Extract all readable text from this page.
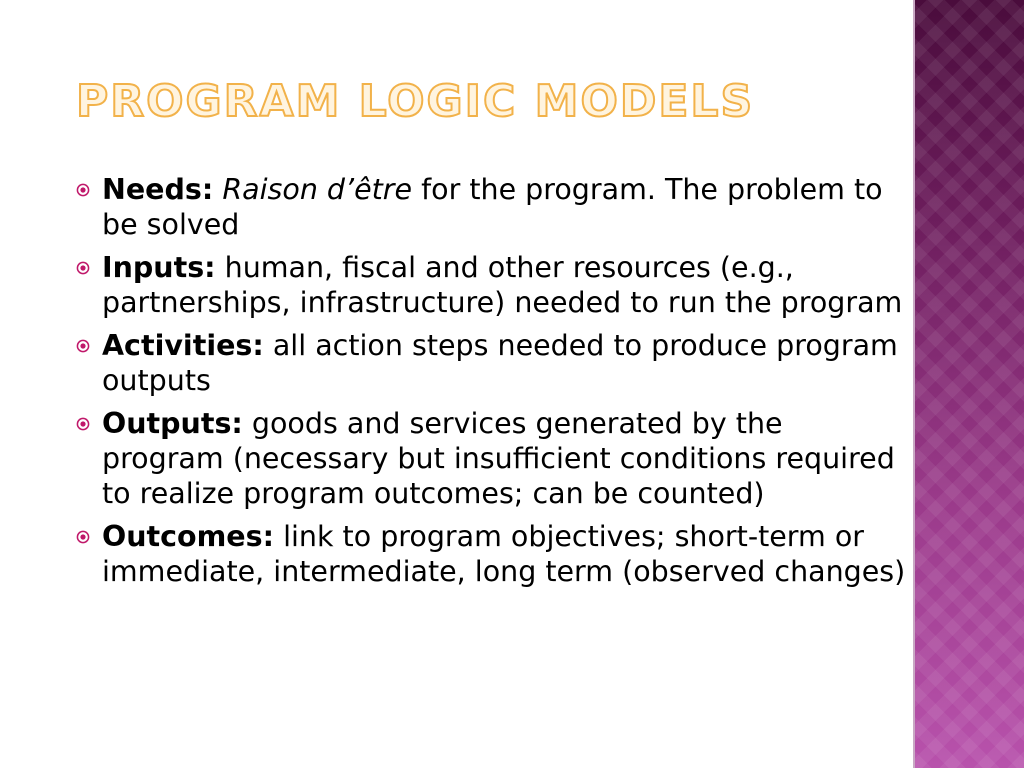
PROGRAM LOGIC MODELS
Needs: Raison d’être for the program. The problem to be solved
Inputs: human, fiscal and other resources (e.g., partnerships, infrastructure) needed to run the program
Activities: all action steps needed to produce program outputs
Outputs: goods and services generated by the program (necessary but insufficient conditions required to realize program outcomes; can be counted)
Outcomes: link to program objectives; short-term or immediate, intermediate, long term (observed changes)
